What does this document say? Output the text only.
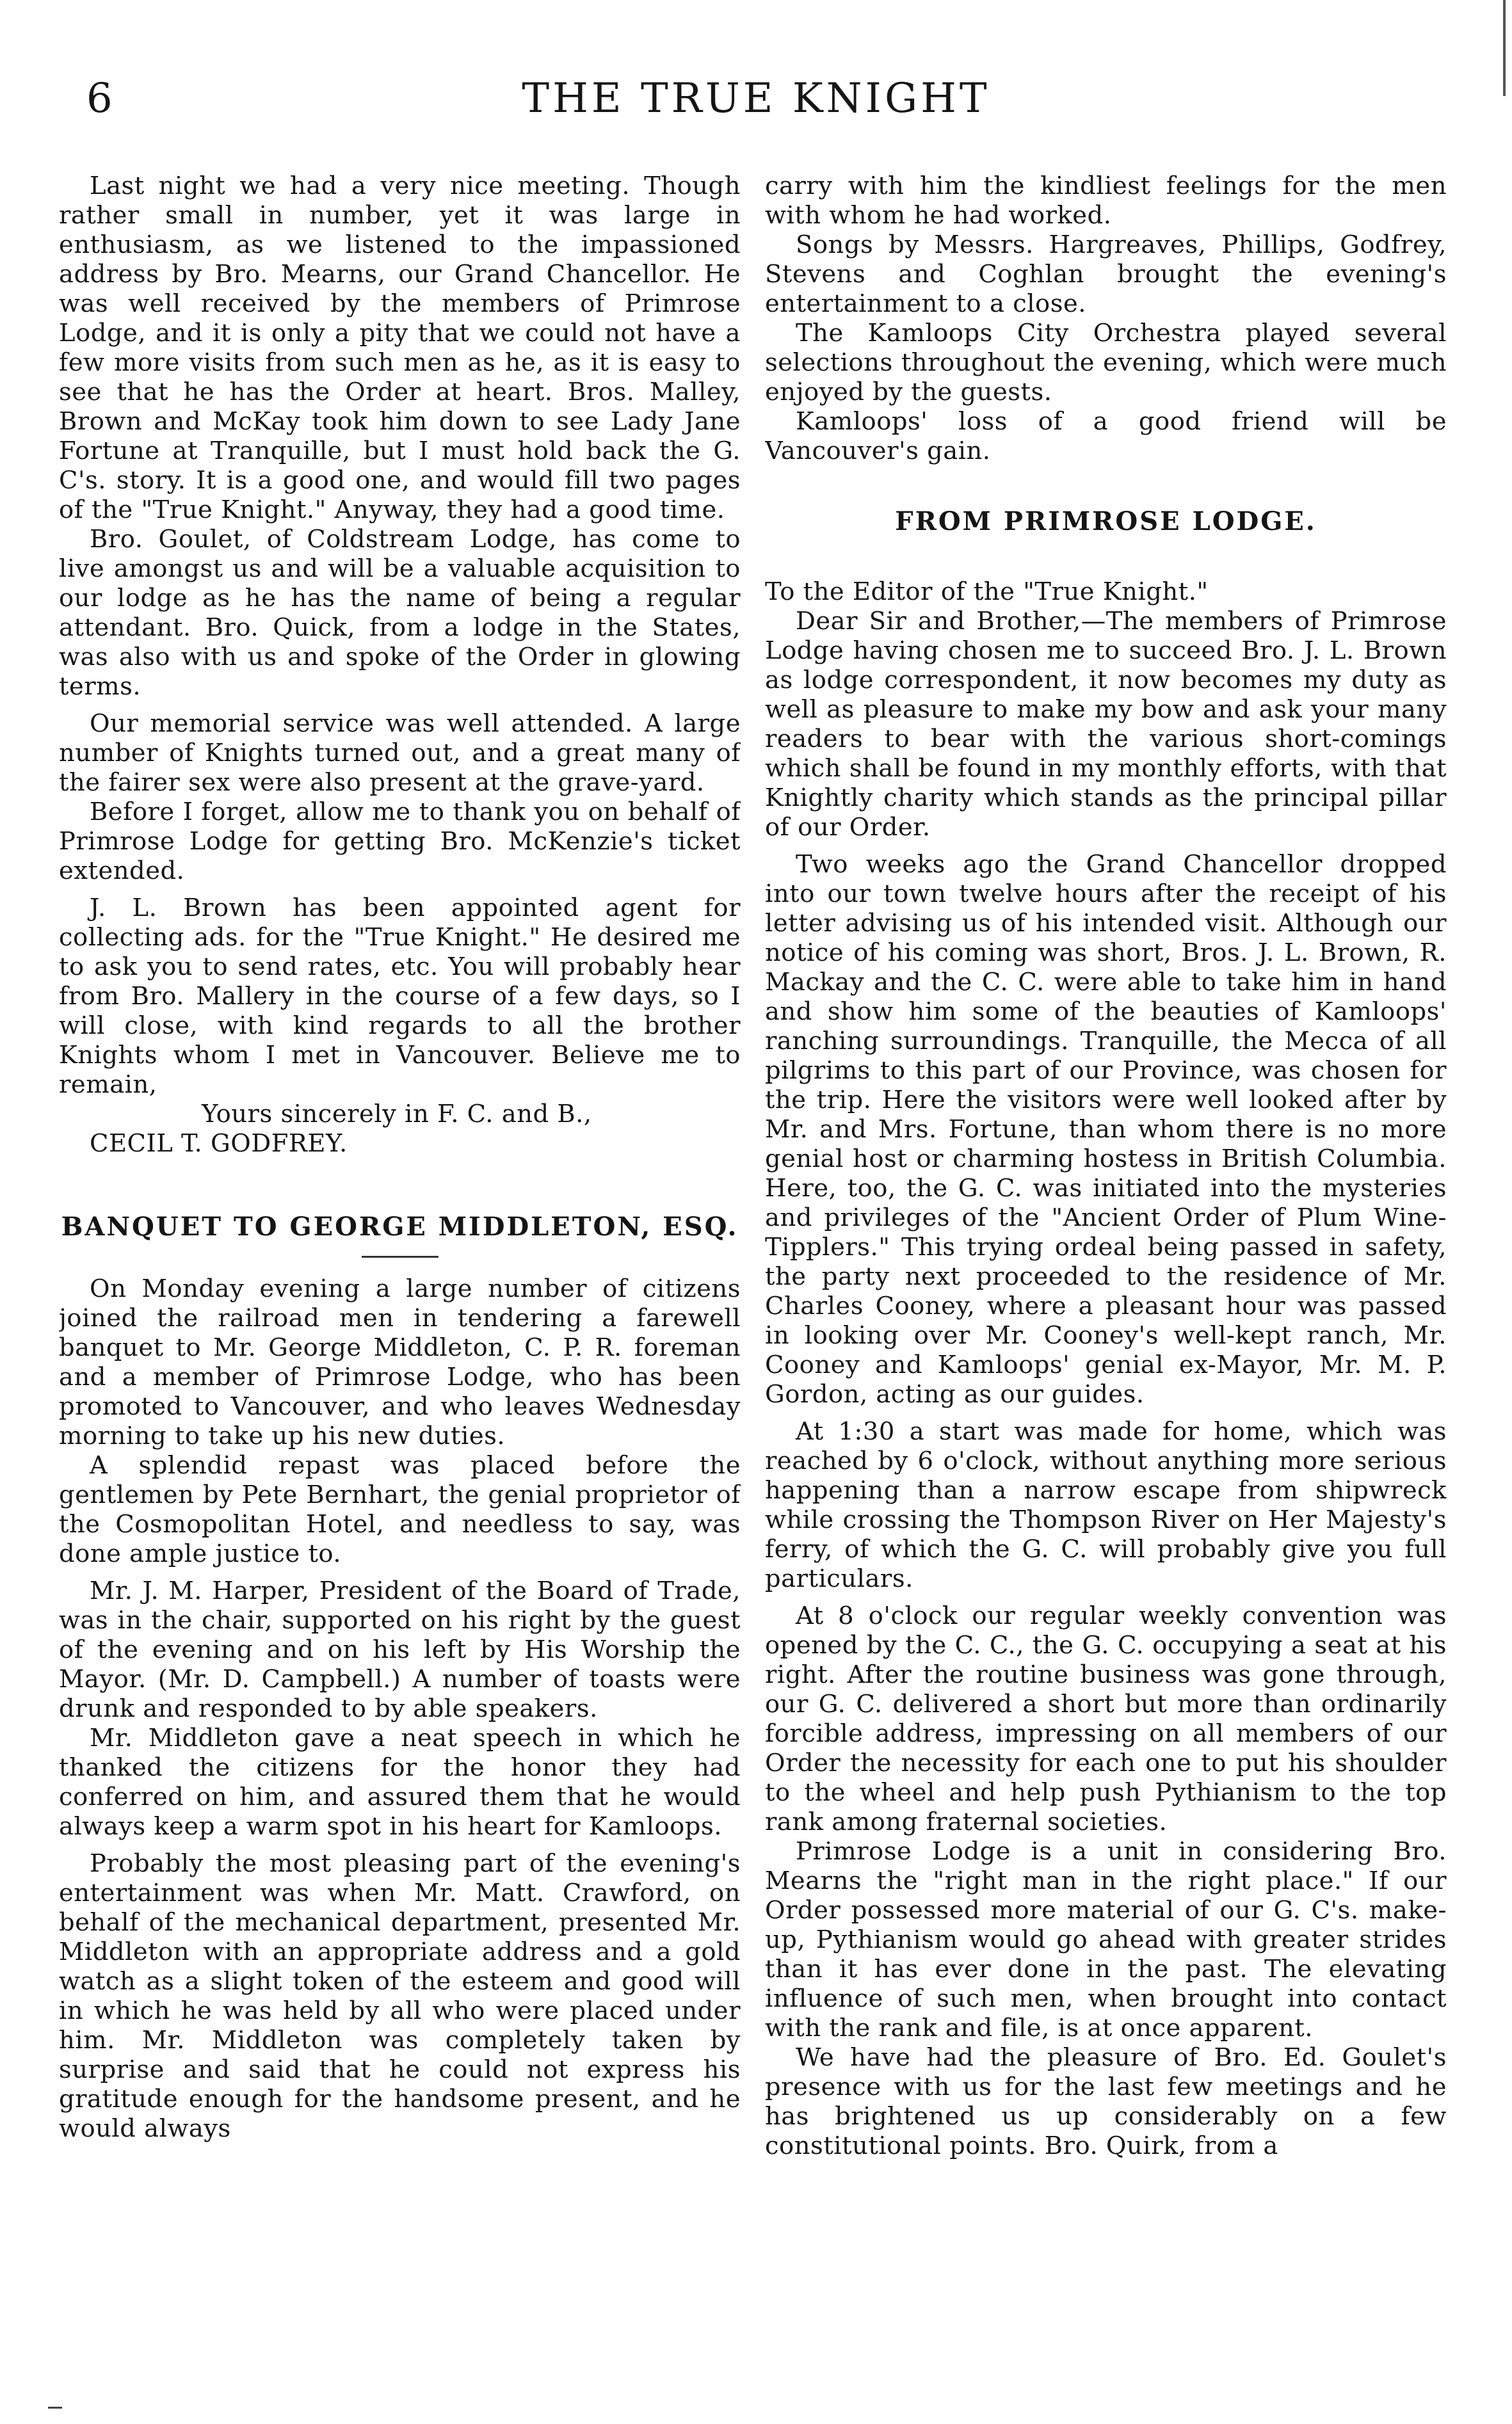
6	THE TRUE KNIGHT

Last night we had a very nice meeting. Though rather small in number, yet it was large in enthusiasm, as we listened to the impassioned address by Bro. Mearns, our Grand Chancellor. He was well received by the members of Primrose Lodge, and it is only a pity that we could not have a few more visits from such men as he, as it is easy to see that he has the Order at heart. Bros. Malley, Brown and McKay took him down to see Lady Jane Fortune at Tranquille, but I must hold back the G. C's. story. It is a good one, and would fill two pages of the "True Knight." Anyway, they had a good time.

Bro. Goulet, of Coldstream Lodge, has come to live amongst us and will be a valuable acquisition to our lodge as he has the name of being a regular attendant. Bro. Quick, from a lodge in the States, was also with us and spoke of the Order in glowing terms.

Our memorial service was well attended. A large number of Knights turned out, and a great many of the fairer sex were also present at the grave-yard.

Before I forget, allow me to thank you on behalf of Primrose Lodge for getting Bro. McKenzie's ticket extended.

J. L. Brown has been appointed agent for collecting ads. for the "True Knight." He desired me to ask you to send rates, etc. You will probably hear from Bro. Mallery in the course of a few days, so I will close, with kind regards to all the brother Knights whom I met in Vancouver. Believe me to remain,

Yours sincerely in F. C. and B.,

CECIL T. GODFREY.

BANQUET TO GEORGE MIDDLETON, ESQ.

On Monday evening a large number of citizens joined the railroad men in tendering a farewell banquet to Mr. George Middleton, C. P. R. foreman and a member of Primrose Lodge, who has been promoted to Vancouver, and who leaves Wednesday morning to take up his new duties.

A splendid repast was placed before the gentlemen by Pete Bernhart, the genial proprietor of the Cosmopolitan Hotel, and needless to say, was done ample justice to.

Mr. J. M. Harper, President of the Board of Trade, was in the chair, supported on his right by the guest of the evening and on his left by His Worship the Mayor. (Mr. D. Campbell.) A number of toasts were drunk and responded to by able speakers.

Mr. Middleton gave a neat speech in which he thanked the citizens for the honor they had conferred on him, and assured them that he would always keep a warm spot in his heart for Kamloops.

Probably the most pleasing part of the evening's entertainment was when Mr. Matt. Crawford, on behalf of the mechanical department, presented Mr. Middleton with an appropriate address and a gold watch as a slight token of the esteem and good will in which he was held by all who were placed under him. Mr. Middleton was completely taken by surprise and said that he could not express his gratitude enough for the handsome present, and he would always

carry with him the kindliest feelings for the men with whom he had worked.

Songs by Messrs. Hargreaves, Phillips, Godfrey, Stevens and Coghlan brought the evening's entertainment to a close.

The Kamloops City Orchestra played several selections throughout the evening, which were much enjoyed by the guests.

Kamloops' loss of a good friend will be Vancouver's gain.

FROM PRIMROSE LODGE.

To the Editor of the "True Knight."

Dear Sir and Brother,—The members of Primrose Lodge having chosen me to succeed Bro. J. L. Brown as lodge correspondent, it now becomes my duty as well as pleasure to make my bow and ask your many readers to bear with the various short-comings which shall be found in my monthly efforts, with that Knightly charity which stands as the principal pillar of our Order.

Two weeks ago the Grand Chancellor dropped into our town twelve hours after the receipt of his letter advising us of his intended visit. Although our notice of his coming was short, Bros. J. L. Brown, R. Mackay and the C. C. were able to take him in hand and show him some of the beauties of Kamloops' ranching surroundings. Tranquille, the Mecca of all pilgrims to this part of our Province, was chosen for the trip. Here the visitors were well looked after by Mr. and Mrs. Fortune, than whom there is no more genial host or charming hostess in British Columbia. Here, too, the G. C. was initiated into the mysteries and privileges of the "Ancient Order of Plum Wine-Tipplers." This trying ordeal being passed in safety, the party next proceeded to the residence of Mr. Charles Cooney, where a pleasant hour was passed in looking over Mr. Cooney's well-kept ranch, Mr. Cooney and Kamloops' genial ex-Mayor, Mr. M. P. Gordon, acting as our guides.

At 1:30 a start was made for home, which was reached by 6 o'clock, without anything more serious happening than a narrow escape from shipwreck while crossing the Thompson River on Her Majesty's ferry, of which the G. C. will probably give you full particulars.

At 8 o'clock our regular weekly convention was opened by the C. C., the G. C. occupying a seat at his right. After the routine business was gone through, our G. C. delivered a short but more than ordinarily forcible address, impressing on all members of our Order the necessity for each one to put his shoulder to the wheel and help push Pythianism to the top rank among fraternal societies.

Primrose Lodge is a unit in considering Bro. Mearns the "right man in the right place." If our Order possessed more material of our G. C's. make-up, Pythianism would go ahead with greater strides than it has ever done in the past. The elevating influence of such men, when brought into contact with the rank and file, is at once apparent.

We have had the pleasure of Bro. Ed. Goulet's presence with us for the last few meetings and he has brightened us up considerably on a few constitutional points. Bro. Quirk, from a
